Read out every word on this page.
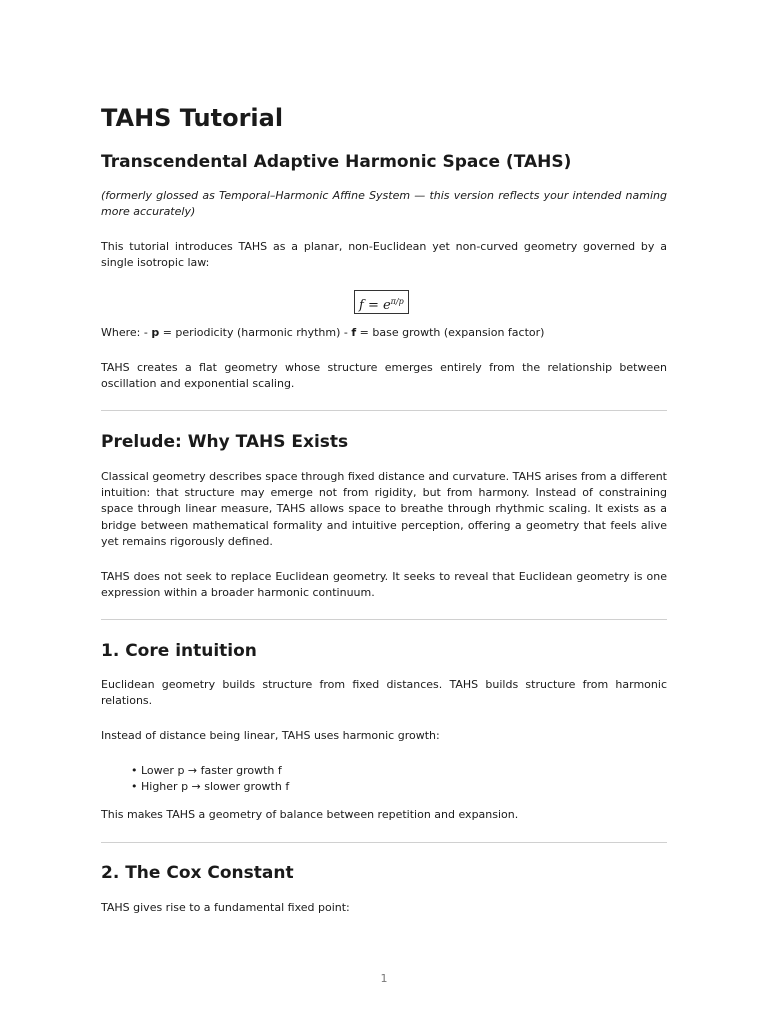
TAHS Tutorial
Transcendental Adaptive Harmonic Space (TAHS)

(formerly glossed as Temporal–Harmonic Affine System — this version reflects your intended naming more accurately)

This tutorial introduces TAHS as a planar, non-Euclidean yet non-curved geometry governed by a single isotropic law:

$f = e^{\pi/p}$

Where: - p = periodicity (harmonic rhythm) - f = base growth (expansion factor)

TAHS creates a flat geometry whose structure emerges entirely from the relationship between oscillation and exponential scaling.

Prelude: Why TAHS Exists

Classical geometry describes space through fixed distance and curvature. TAHS arises from a different intuition: that structure may emerge not from rigidity, but from harmony. Instead of constraining space through linear measure, TAHS allows space to breathe through rhythmic scaling. It exists as a bridge between mathematical formality and intuitive perception, offering a geometry that feels alive yet remains rigorously defined.

TAHS does not seek to replace Euclidean geometry. It seeks to reveal that Euclidean geometry is one expression within a broader harmonic continuum.

1. Core intuition

Euclidean geometry builds structure from fixed distances. TAHS builds structure from harmonic relations.

Instead of distance being linear, TAHS uses harmonic growth:

• Lower p → faster growth f
• Higher p → slower growth f

This makes TAHS a geometry of balance between repetition and expansion.

2. The Cox Constant

TAHS gives rise to a fundamental fixed point:

1
